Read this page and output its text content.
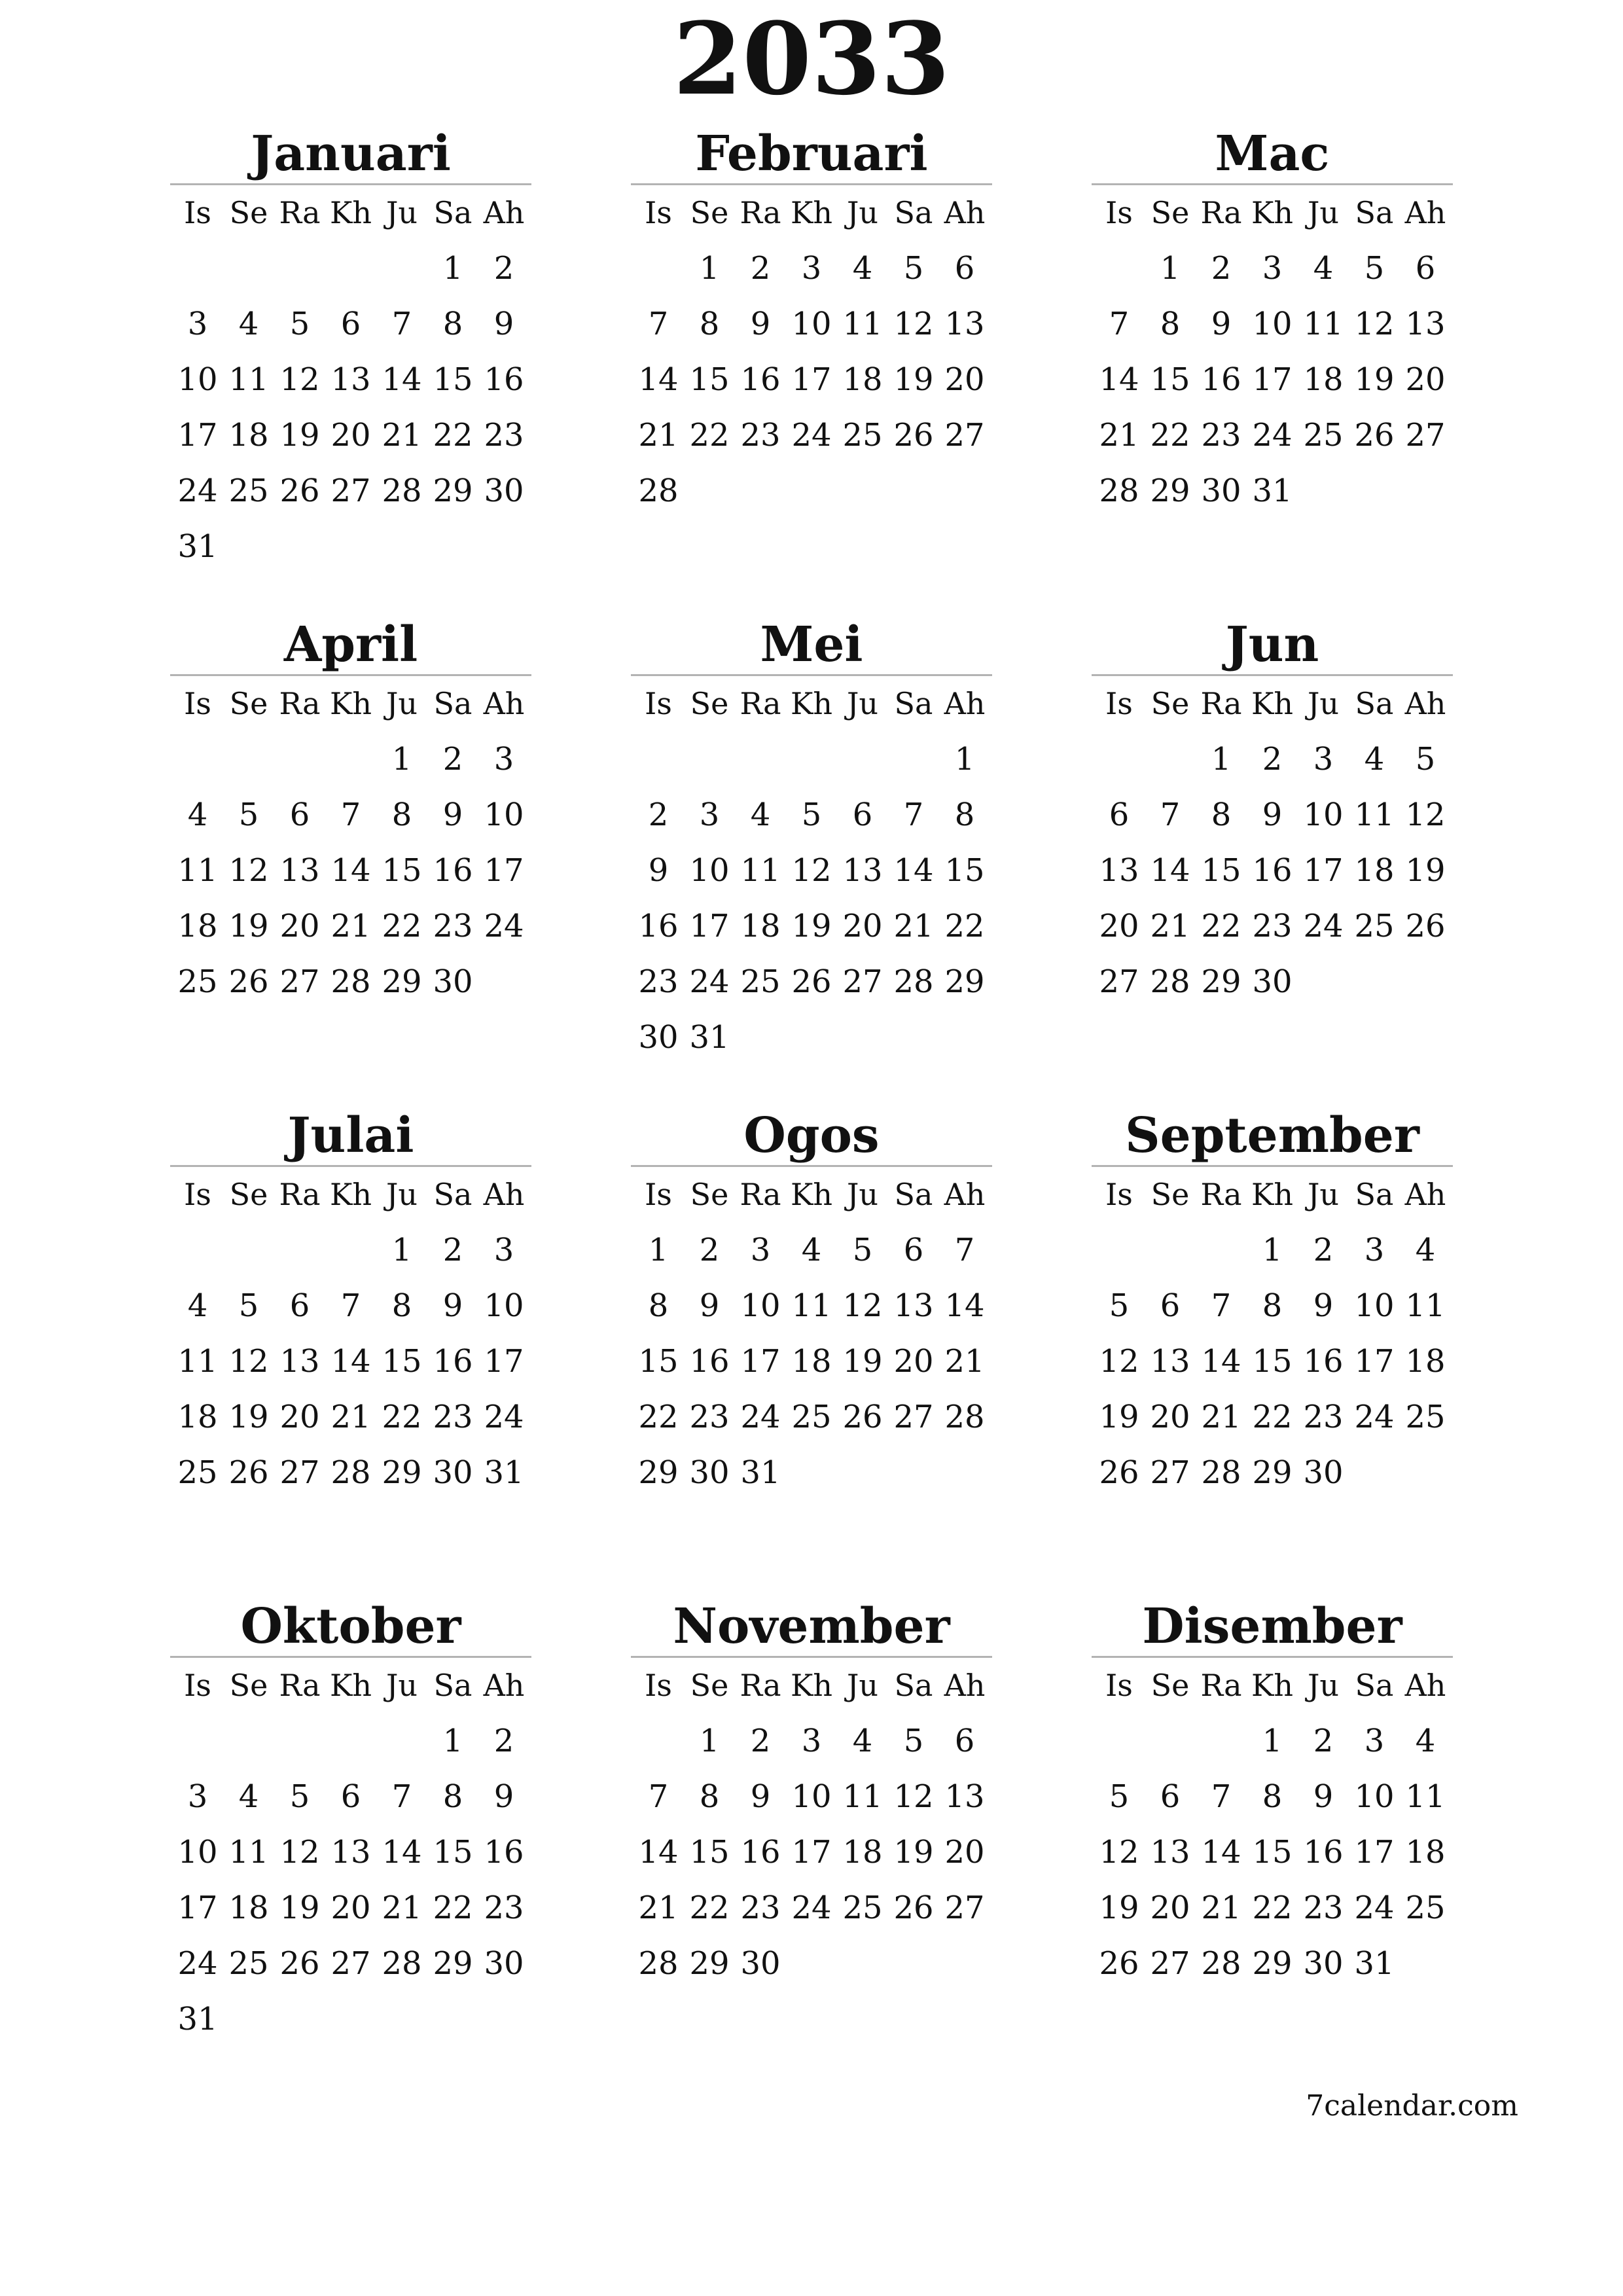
2033
Januari
Is Se Ra Kh Ju Sa Ah
1 2
3 4 5 6 7 8 9
10 11 12 13 14 15 16
17 18 19 20 21 22 23
24 25 26 27 28 29 30
31
Februari
Is Se Ra Kh Ju Sa Ah
1 2 3 4 5 6
7 8 9 10 11 12 13
14 15 16 17 18 19 20
21 22 23 24 25 26 27
28
Mac
Is Se Ra Kh Ju Sa Ah
1 2 3 4 5 6
7 8 9 10 11 12 13
14 15 16 17 18 19 20
21 22 23 24 25 26 27
28 29 30 31
April
Is Se Ra Kh Ju Sa Ah
1 2 3
4 5 6 7 8 9 10
11 12 13 14 15 16 17
18 19 20 21 22 23 24
25 26 27 28 29 30
Mei
Is Se Ra Kh Ju Sa Ah
1
2 3 4 5 6 7 8
9 10 11 12 13 14 15
16 17 18 19 20 21 22
23 24 25 26 27 28 29
30 31
Jun
Is Se Ra Kh Ju Sa Ah
1 2 3 4 5
6 7 8 9 10 11 12
13 14 15 16 17 18 19
20 21 22 23 24 25 26
27 28 29 30
Julai
Is Se Ra Kh Ju Sa Ah
1 2 3
4 5 6 7 8 9 10
11 12 13 14 15 16 17
18 19 20 21 22 23 24
25 26 27 28 29 30 31
Ogos
Is Se Ra Kh Ju Sa Ah
1 2 3 4 5 6 7
8 9 10 11 12 13 14
15 16 17 18 19 20 21
22 23 24 25 26 27 28
29 30 31
September
Is Se Ra Kh Ju Sa Ah
1 2 3 4
5 6 7 8 9 10 11
12 13 14 15 16 17 18
19 20 21 22 23 24 25
26 27 28 29 30
Oktober
Is Se Ra Kh Ju Sa Ah
1 2
3 4 5 6 7 8 9
10 11 12 13 14 15 16
17 18 19 20 21 22 23
24 25 26 27 28 29 30
31
November
Is Se Ra Kh Ju Sa Ah
1 2 3 4 5 6
7 8 9 10 11 12 13
14 15 16 17 18 19 20
21 22 23 24 25 26 27
28 29 30
Disember
Is Se Ra Kh Ju Sa Ah
1 2 3 4
5 6 7 8 9 10 11
12 13 14 15 16 17 18
19 20 21 22 23 24 25
26 27 28 29 30 31
7calendar.com
